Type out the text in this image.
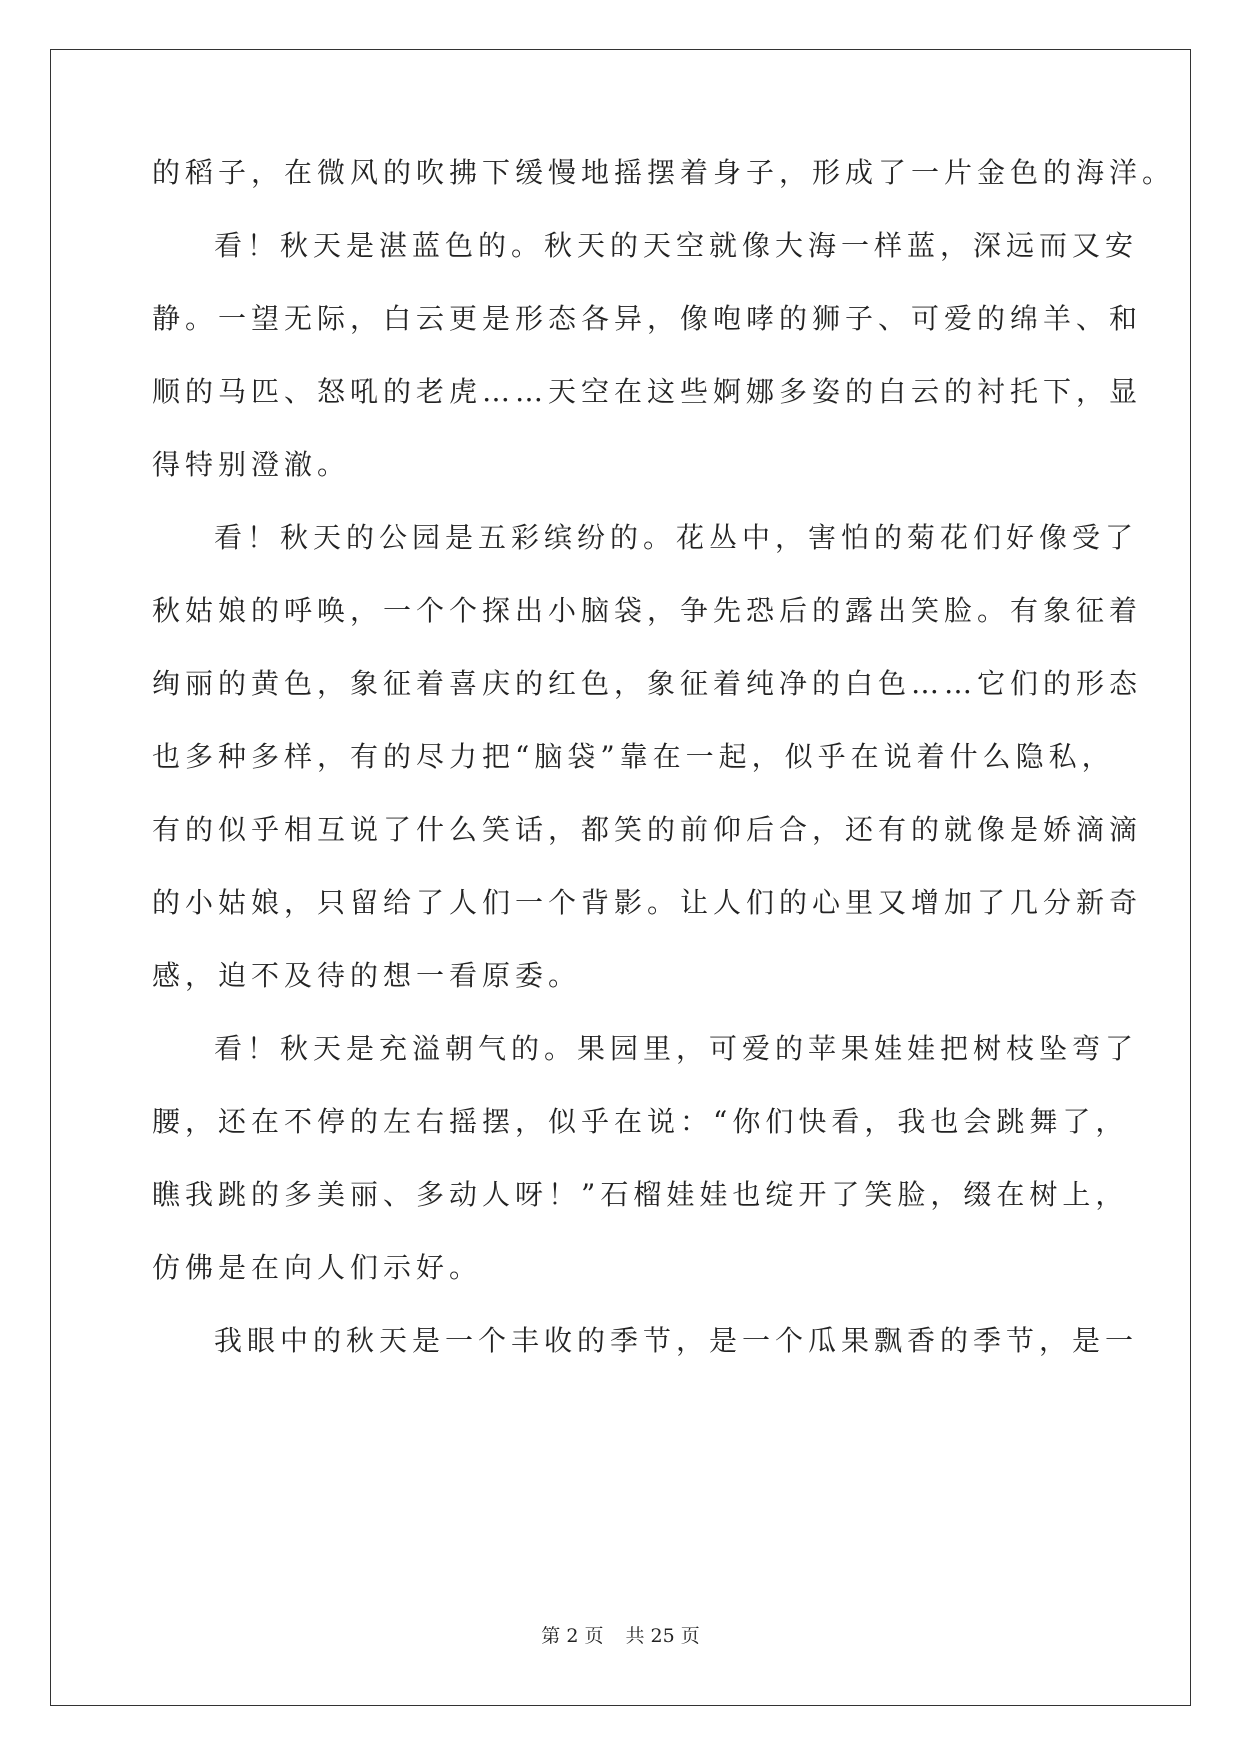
的稻子，在微风的吹拂下缓慢地摇摆着身子，形成了一片金色的海洋。

看！秋天是湛蓝色的。秋天的天空就像大海一样蓝，深远而又安

静。一望无际，白云更是形态各异，像咆哮的狮子、可爱的绵羊、和

顺的马匹、怒吼的老虎……天空在这些婀娜多姿的白云的衬托下，显

得特别澄澈。

看！秋天的公园是五彩缤纷的。花丛中，害怕的菊花们好像受了

秋姑娘的呼唤，一个个探出小脑袋，争先恐后的露出笑脸。有象征着

绚丽的黄色，象征着喜庆的红色，象征着纯净的白色……它们的形态

也多种多样，有的尽力把“脑袋”靠在一起，似乎在说着什么隐私，

有的似乎相互说了什么笑话，都笑的前仰后合，还有的就像是娇滴滴

的小姑娘，只留给了人们一个背影。让人们的心里又增加了几分新奇

感，迫不及待的想一看原委。

看！秋天是充溢朝气的。果园里，可爱的苹果娃娃把树枝坠弯了

腰，还在不停的左右摇摆，似乎在说：“你们快看，我也会跳舞了，

瞧我跳的多美丽、多动人呀！”石榴娃娃也绽开了笑脸，缀在树上，

仿佛是在向人们示好。

我眼中的秋天是一个丰收的季节，是一个瓜果飘香的季节，是一

第 2 页 共 25 页
